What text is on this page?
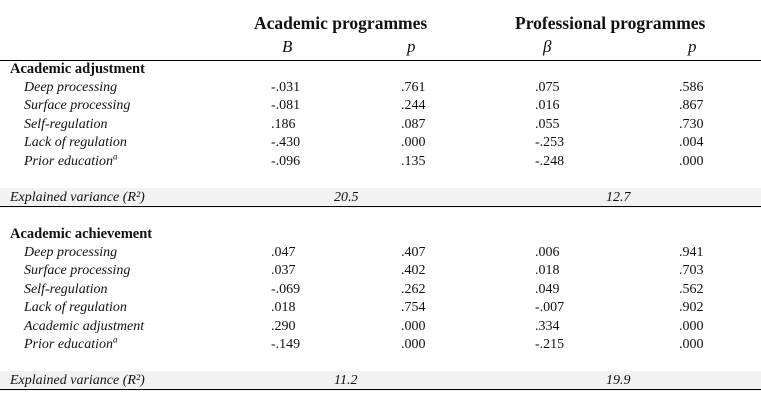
Academic programmes	Professional programmes
B	p	β	p
Academic adjustment
Deep processing	-.031	.761	.075	.586
Surface processing	-.081	.244	.016	.867
Self-regulation	.186	.087	.055	.730
Lack of regulation	-.430	.000	-.253	.004
Prior education$^a$	-.096	.135	-.248	.000
Explained variance (R²)	20.5	12.7
Academic achievement
Deep processing	.047	.407	.006	.941
Surface processing	.037	.402	.018	.703
Self-regulation	-.069	.262	.049	.562
Lack of regulation	.018	.754	-.007	.902
Academic adjustment	.290	.000	.334	.000
Prior education$^a$	-.149	.000	-.215	.000
Explained variance (R²)	11.2	19.9
